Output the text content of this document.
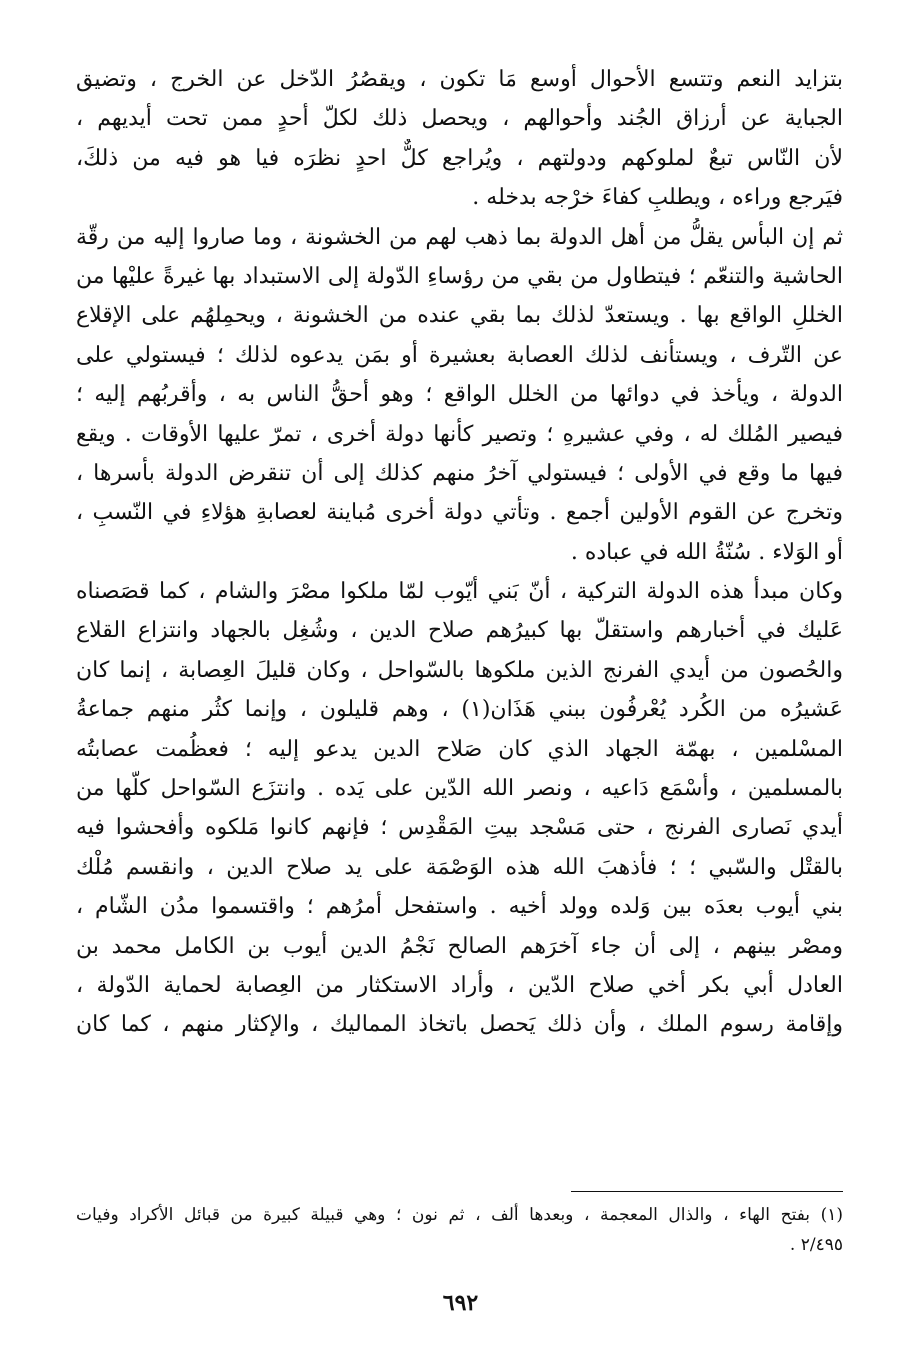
بتزايد النعم وتتسع الأحوال أوسع مَا تكون ، ويقصُرُ الدّخل عن الخرج ، وتضيق
الجباية عن أرزاق الجُند وأحوالهم ، ويحصل ذلك لكلّ أحدٍ ممن تحت أيديهم ،
لأن النّاس تبعٌ لملوكهم ودولتهم ، ويُراجع كلٌّ احدٍ نظرَه فيا هو فيه من ذلكَ،
فيَرجع وراءه ، ويطلبِ كفاءَ خرْجه بدخله .
ثم إن البأس يقلُّ من أهل الدولة بما ذهب لهم من الخشونة ، وما صاروا إليه من رقّة
الحاشية والتنعّم ؛ فيتطاول من بقي من رؤساءِ الدّولة إلى الاستبداد بها غيرةً عليْها من
الخللِ الواقع بها . ويستعدّ لذلك بما بقي عنده من الخشونة ، ويحمِلهُم على الإقلاع
عن التّرف ، ويستأنف لذلك العصابة بعشيرة أو بمَن يدعوه لذلك ؛ فيستولي على
الدولة ، ويأخذ في دوائها من الخلل الواقع ؛ وهو أحقُّ الناس به ، وأقربُهم إليه ؛
فيصير المُلك له ، وفي عشيرهِ ؛ وتصير كأنها دولة أخرى ، تمرّ عليها الأوقات . ويقع
فيها ما وقع في الأولى ؛ فيستولي آخرُ منهم كذلك إلى أن تنقرض الدولة بأسرها ،
وتخرج عن القوم الأولين أجمع . وتأتي دولة أخرى مُباينة لعصابةِ هؤلاءِ في النّسبِ ،
أو الوَلاء . سُنّةُ الله في عباده .
وكان مبدأ هذه الدولة التركية ، أنّ بَني أيّوب لمّا ملكوا مصْرَ والشام ، كما قصَصناه
عَليك في أخبارهم واستقلّ بها كبيرُهم صلاح الدين ، وشُغِل بالجهاد وانتزاع القلاع
والحُصون من أيدي الفرنج الذين ملكوها بالسّواحل ، وكان قليلَ العِصابة ، إنما كان
عَشيرُه من الكُرد يُعْرفُون ببني هَذَان(١) ، وهم قليلون ، وإنما كثُر منهم جماعةُ
المسْلمين ، بهمّة الجهاد الذي كان صَلاح الدين يدعو إليه ؛ فعظُمت عصابتُه
بالمسلمين ، وأسْمَع دَاعيه ، ونصر الله الدّين على يَده . وانتزَع السّواحل كلّها من
أيدي نَصارى الفرنج ، حتى مَسْجد بيتِ المَقْدِس ؛ فإنهم كانوا مَلكوه وأفحشوا فيه
بالقتْل والسّبي ؛ ؛ فأذهبَ الله هذه الوَصْمَة على يد صلاح الدين ، وانقسم مُلْك
بني أيوب بعدَه بين وَلده وولد أخيه . واستفحل أمرُهم ؛ واقتسموا مدُن الشّام ،
ومصْر بينهم ، إلى أن جاء آخرَهم الصالح نَجْمُ الدين أيوب بن الكامل محمد بن
العادل أبي بكر أخي صلاح الدّين ، وأراد الاستكثار من العِصابة لحماية الدّولة ،
وإقامة رسوم الملك ، وأن ذلك يَحصل باتخاذ المماليك ، والإكثار منهم ، كما كان
(١) بفتح الهاء ، والذال المعجمة ، وبعدها ألف ، ثم نون ؛ وهي قبيلة كبيرة من قبائل الأكراد وفيات
٢/٤٩٥ .
٦٩٢
